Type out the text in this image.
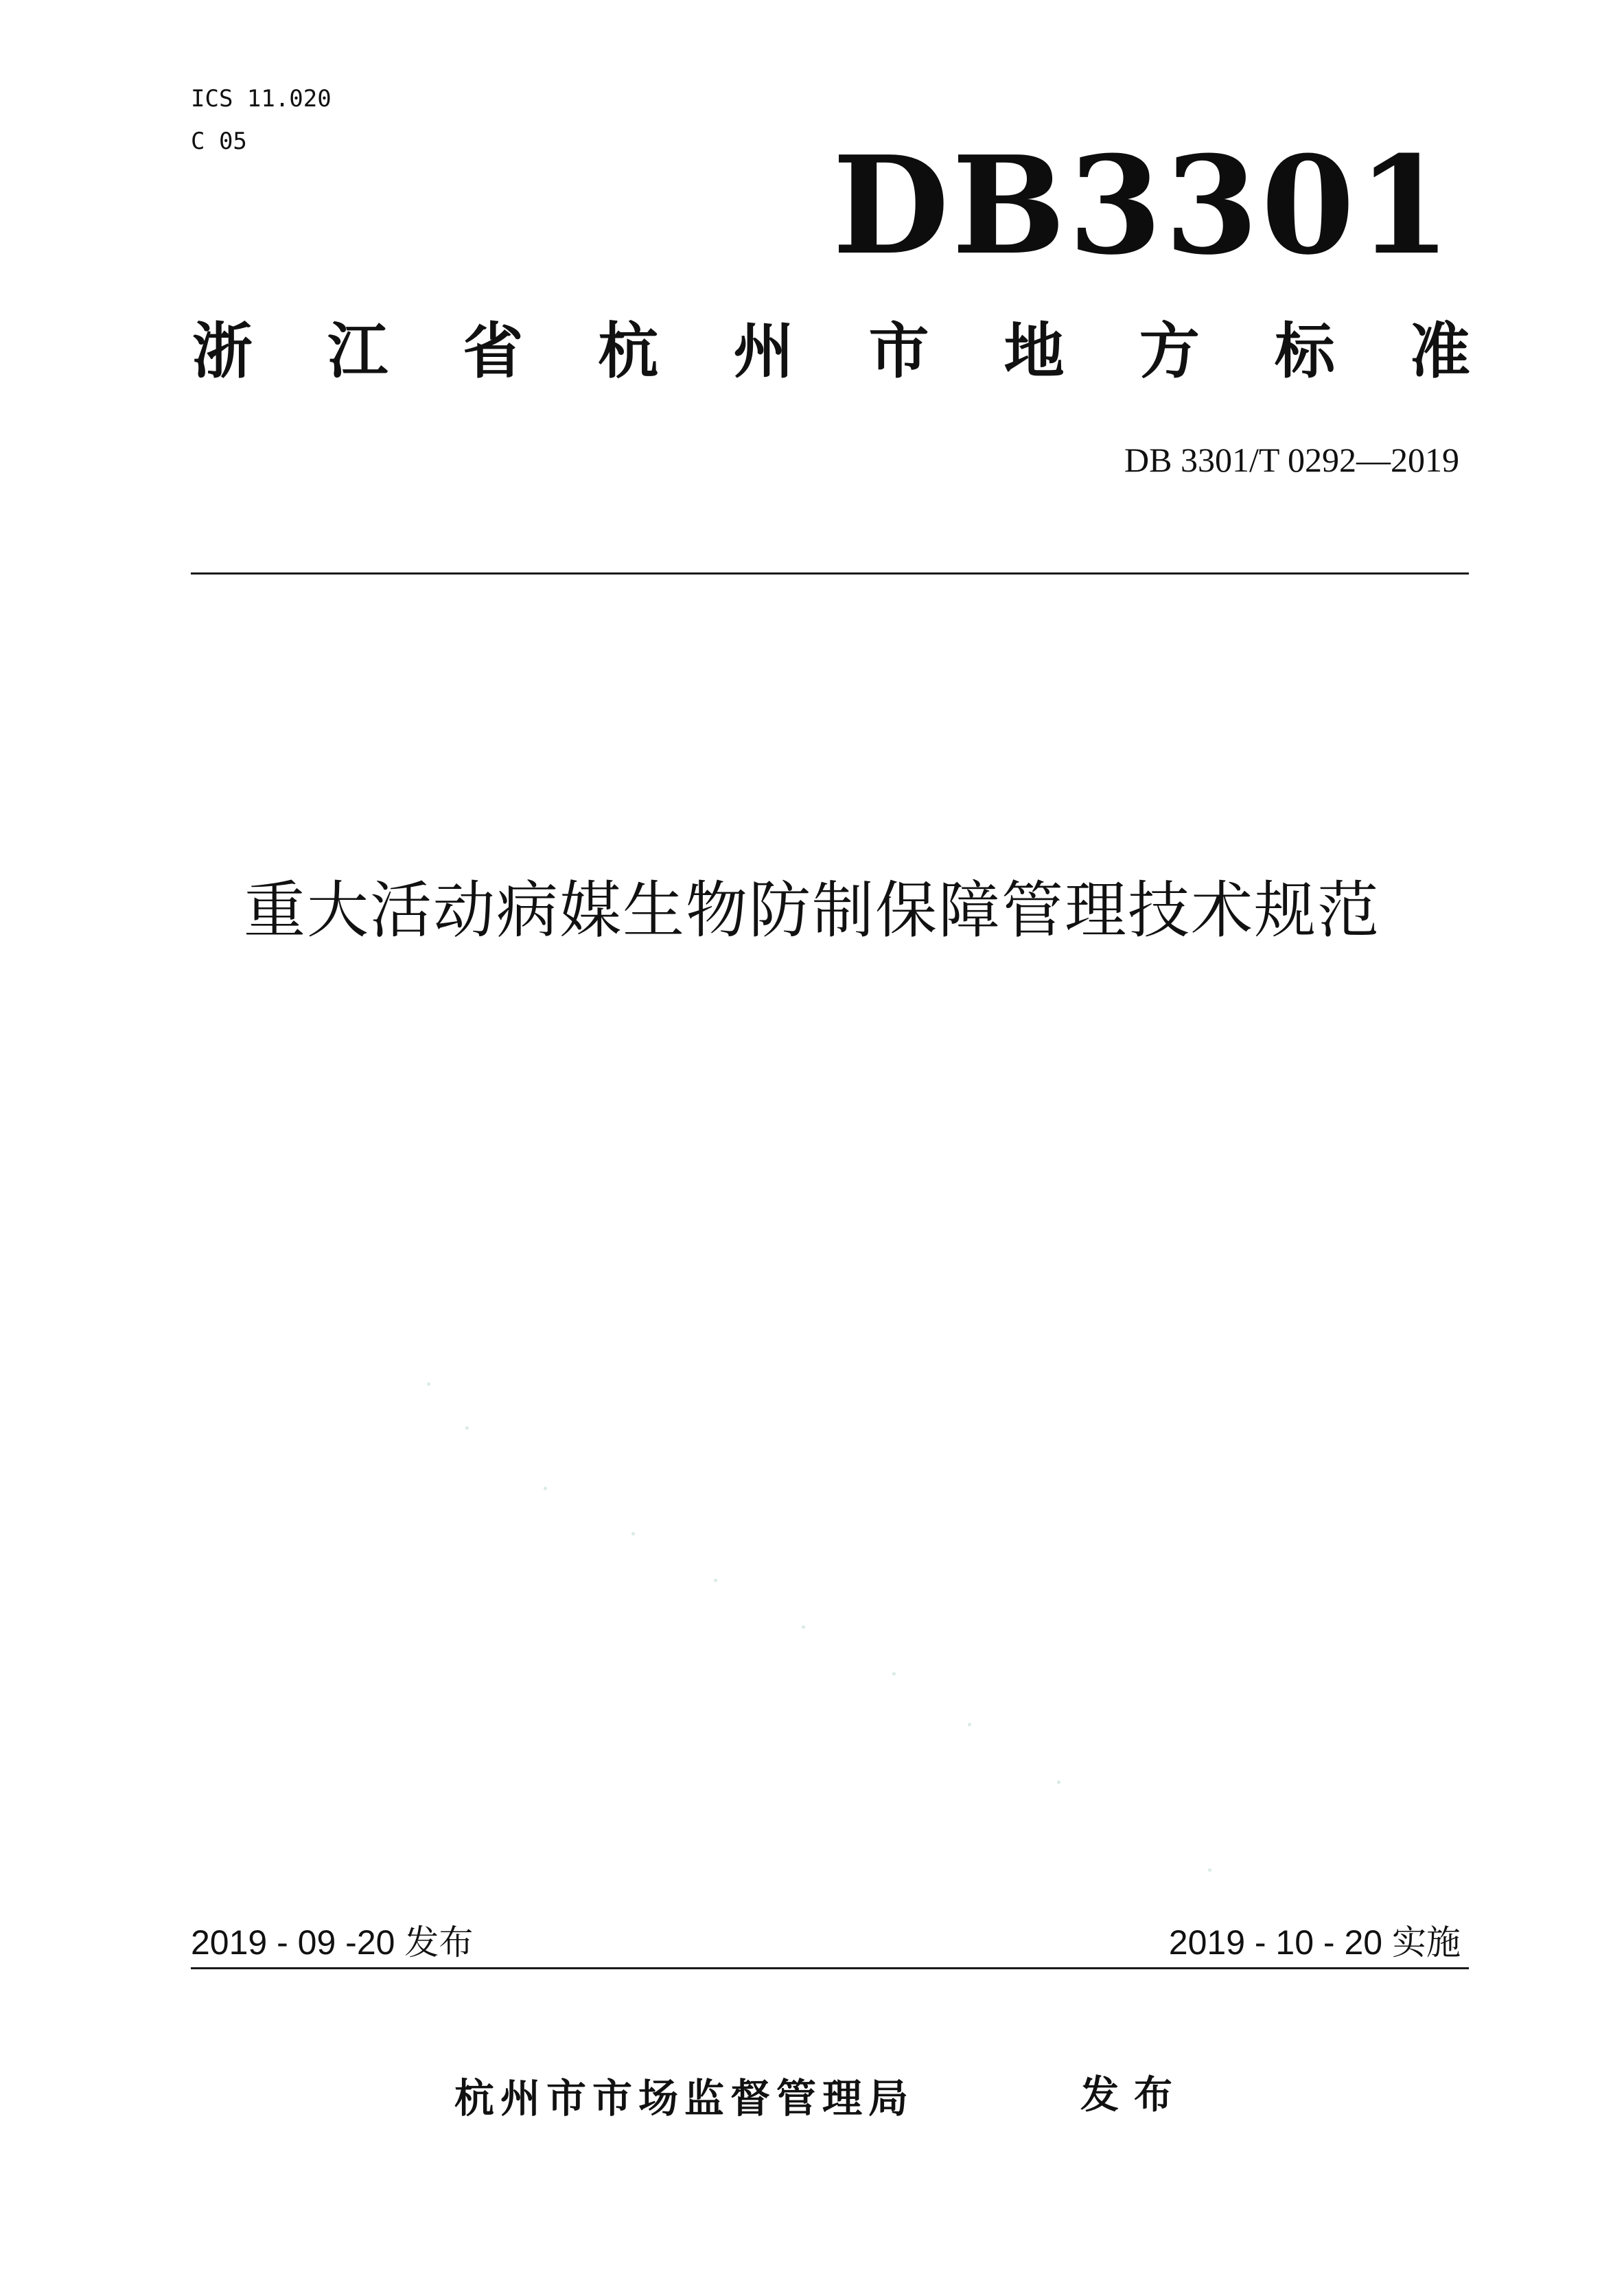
ICS 11.020
C 05	DB3301
浙 江 省 杭 州 市 地 方 标 准
DB 3301/T 0292—2019
重大活动病媒生物防制保障管理技术规范
2019 - 09 -20 发布	2019 - 10 - 20 实施
杭州市市场监督管理局	发布
